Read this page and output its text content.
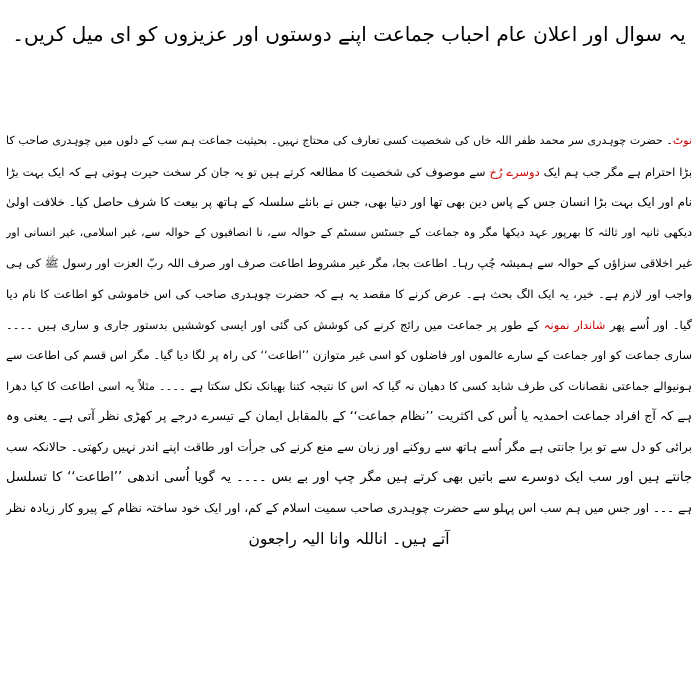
یہ سوال اور اعلان عام احباب جماعت اپنے دوستوں اور عزیزوں کو ای میل کریں۔
نوٹ۔ حضرت چوہدری سر محمد ظفر اللہ خاں کی شخصیت کسی تعارف کی محتاج نہیں۔ بحیثیت جماعت ہم سب کے دلوں میں چوہدری صاحب کا
بڑا احترام ہے مگر جب ہم ایک دوسرے رُخ سے موصوف کی شخصیت کا مطالعہ کرتے ہیں تو یہ جان کر سخت حیرت ہوتی ہے کہ ایک بہت بڑا
نام اور ایک بہت بڑا انسان جس کے پاس دین بھی تھا اور دنیا بھی، جس نے بانئے سلسلہ کے ہاتھ پر بیعت کا شرف حاصل کیا۔ خلافت اولیٰ
دیکھی ثانیہ اور ثالثہ کا بھرپور عہد دیکھا مگر وہ جماعت کے جسٹس سسٹم کے حوالہ سے، نا انصافیوں کے حوالہ سے، غیر اسلامی، غیر انسانی اور
غیر اخلاقی سزاؤں کے حوالہ سے ہمیشہ چُپ رہا۔ اطاعت بجا، مگر غیر مشروط اطاعت صرف اور صرف اللہ ربّ العزت اور رسول ﷺ کی ہی
واجب اور لازم ہے۔ خیر، یہ ایک الگ بحث ہے۔ عرض کرنے کا مقصد یہ ہے کہ حضرت چوہدری صاحب کی اس خاموشی کو اطاعت کا نام دیا
گیا۔ اور اُسے پھر شاندار نمونہ کے طور پر جماعت میں رائج کرنے کی کوشش کی گئی اور ایسی کوششیں بدستور جاری و ساری ہیں ۔۔۔۔
ساری جماعت کو اور جماعت کے سارے عالموں اور فاضلوں کو اسی غیر متوازن ’’اطاعت‘‘ کی راہ پر لگا دیا گیا۔ مگر اس قسم کی اطاعت سے
ہونیوالے جماعتی نقصانات کی طرف شاید کسی کا دھیان نہ گیا کہ اس کا نتیجہ کتنا بھیانک نکل سکتا ہے ۔۔۔۔ مثلاً یہ اسی اطاعت کا کیا دھرا
ہے کہ آج افراد جماعت احمدیہ یا اُس کی اکثریت ’’نظام جماعت‘‘ کے بالمقابل ایمان کے تیسرے درجے پر کھڑی نظر آتی ہے۔ یعنی وہ
برائی کو دل سے تو برا جانتی ہے مگر اُسے ہاتھ سے روکنے اور زبان سے منع کرنے کی جرأت اور طاقت اپنے اندر نہیں رکھتی۔ حالانکہ سب
جانتے ہیں اور سب ایک دوسرے سے باتیں بھی کرتے ہیں مگر چپ اور بے بس ۔۔۔۔ یہ گویا اُسی اندھی ’’اطاعت‘‘ کا تسلسل
ہے ۔۔۔ اور جس میں ہم سب اس پہلو سے حضرت چوہدری صاحب سمیت اسلام کے کم، اور ایک خود ساختہ نظام کے پیرو کار زیادہ نظر
آتے ہیں۔ اناللہ وانا الیہ راجعون
